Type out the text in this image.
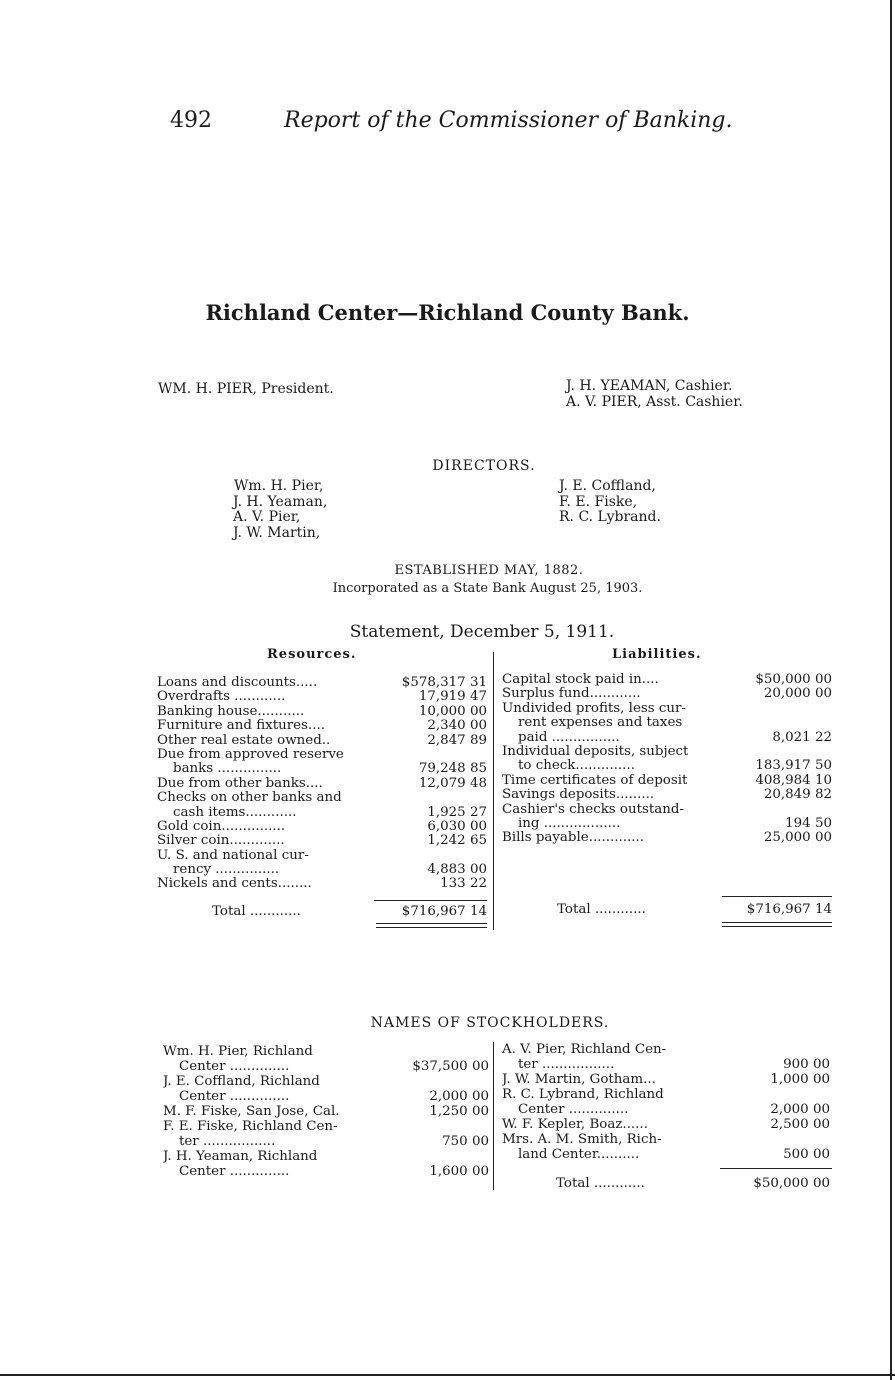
492	Report of the Commissioner of Banking.
Richland Center—Richland County Bank.
WM. H. PIER, President.	J. H. YEAMAN, Cashier.
A. V. PIER, Asst. Cashier.
DIRECTORS.
Wm. H. Pier,
J. H. Yeaman,
A. V. Pier,
J. W. Martin,
J. E. Coffland,
F. E. Fiske,
R. C. Lybrand.
ESTABLISHED MAY, 1882.
Incorporated as a State Bank August 25, 1903.
Statement, December 5, 1911.
Resources.	Liabilities.
Loans and discounts.....	$578,317 31
Overdrafts ............	17,919 47
Banking house...........	10,000 00
Furniture and fixtures....	2,340 00
Other real estate owned..	2,847 89
Due from approved reserve
banks ...............	79,248 85
Due from other banks....	12,079 48
Checks on other banks and
cash items............	1,925 27
Gold coin...............	6,030 00
Silver coin.............	1,242 65
U. S. and national cur-
rency ...............	4,883 00
Nickels and cents........	133 22
Capital stock paid in....	$50,000 00
Surplus fund............	20,000 00
Undivided profits, less cur-
rent expenses and taxes
paid ................	8,021 22
Individual deposits, subject
to check..............	183,917 50
Time certificates of deposit	408,984 10
Savings deposits.........	20,849 82
Cashier's checks outstand-
ing ..................	194 50
Bills payable.............	25,000 00
Total ............	$716,967 14	Total ............	$716,967 14
NAMES OF STOCKHOLDERS.
Wm. H. Pier, Richland
Center ..............	$37,500 00
J. E. Coffland, Richland
Center ..............	2,000 00
M. F. Fiske, San Jose, Cal.	1,250 00
F. E. Fiske, Richland Cen-
ter .................	750 00
J. H. Yeaman, Richland
Center ..............	1,600 00
A. V. Pier, Richland Cen-
ter .................	900 00
J. W. Martin, Gotham...	1,000 00
R. C. Lybrand, Richland
Center ..............	2,000 00
W. F. Kepler, Boaz......	2,500 00
Mrs. A. M. Smith, Rich-
land Center..........	500 00
Total ............	$50,000 00
